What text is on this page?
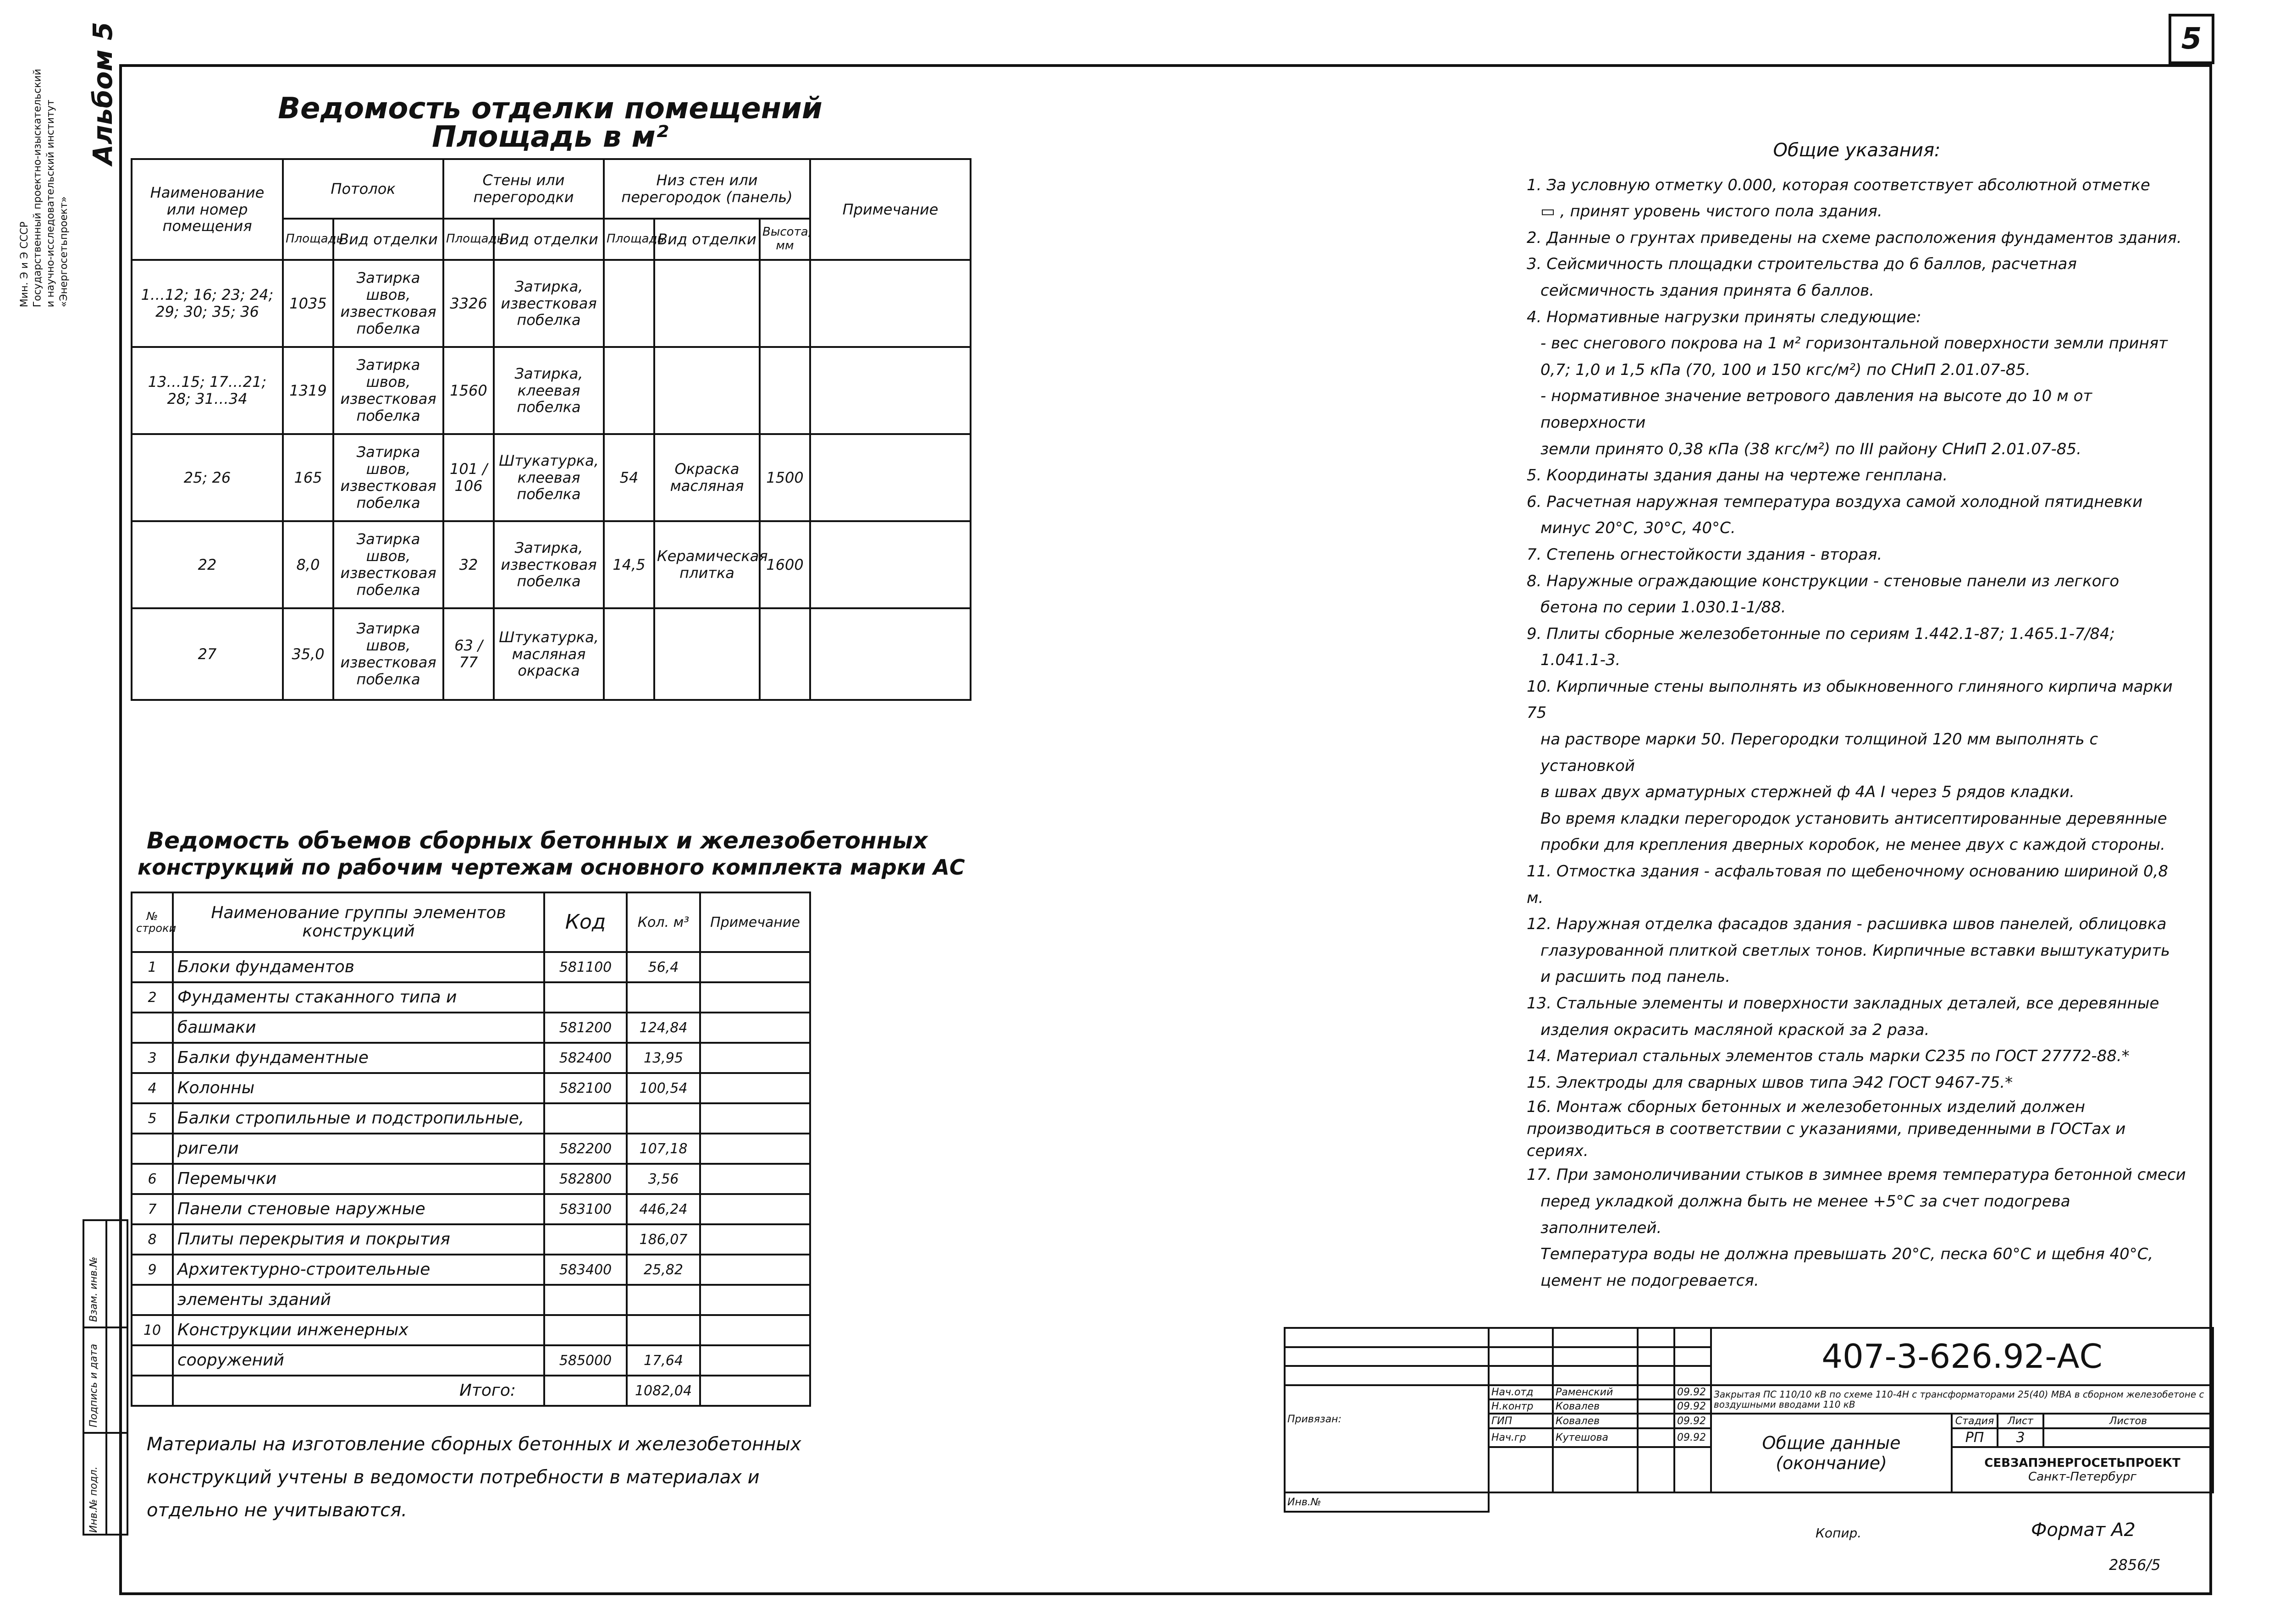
5
Мин. Э и Э СССР Государственный проектно-изыскательский и научно-исследовательский институт «Энергосетьпроект»
Альбом 5	Ведомость отделки помещений
Площадь в м²
Наименование или номер помещения	Потолок		Стены или перегородки		Низ стен или перегородок (панель)			Примечание
	Площадь	Вид отделки	Площадь	Вид отделки	Площадь	Вид отделки	Высота, мм	
1…12; 16; 23; 24; 29; 30; 35; 36	1035	Затирка швов, известковая побелка	3326	Затирка, известковая побелка				
13…15; 17…21; 28; 31…34	1319	Затирка швов, известковая побелка	1560	Затирка, клеевая побелка				
25; 26	165	Затирка швов, известковая побелка	101 / 106	Штукатурка, клеевая побелка	54	Окраска масляная	1500	
22	8,0	Затирка швов, известковая побелка	32	Затирка, известковая побелка	14,5	Керамическая плитка	1600	
27	35,0	Затирка швов, известковая побелка	63 / 77	Штукатурка, масляная окраска				
Ведомость объемов сборных бетонных и железобетонных
конструкций по рабочим чертежам основного комплекта марки АС
№ строки	Наименование группы элементов конструкций	Код	Кол. м³	Примечание
1	Блоки фундаментов	581100	56,4	
2	Фундаменты стаканного типа и			
	башмаки	581200	124,84	
3	Балки фундаментные	582400	13,95	
4	Колонны	582100	100,54	
5	Балки стропильные и подстропильные,			
	ригели	582200	107,18	
6	Перемычки	582800	3,56	
7	Панели стеновые наружные	583100	446,24	
8	Плиты перекрытия и покрытия		186,07	
9	Архитектурно-строительные	583400	25,82	
	элементы зданий			
10	Конструкции инженерных			
	сооружений	585000	17,64	
	Итого:		1082,04	
Материалы на изготовление сборных бетонных и железобетонных конструкций учтены в ведомости потребности в материалах и отдельно не учитываются.
Взам. инв.№
Подпись и дата
Инв.№ подл.
Общие указания:
1. За условную отметку 0.000, которая соответствует абсолютной отметке
▭ , принят уровень чистого пола здания.
2. Данные о грунтах приведены на схеме расположения фундаментов здания.
3. Сейсмичность площадки строительства до 6 баллов, расчетная
сейсмичность здания принята 6 баллов.
4. Нормативные нагрузки приняты следующие:
- вес снегового покрова на 1 м² горизонтальной поверхности земли принят
0,7; 1,0 и 1,5 кПа (70, 100 и 150 кгс/м²) по СНиП 2.01.07-85.
- нормативное значение ветрового давления на высоте до 10 м от поверхности
земли принято 0,38 кПа (38 кгс/м²) по III району СНиП 2.01.07-85.
5. Координаты здания даны на чертеже генплана.
6. Расчетная наружная температура воздуха самой холодной пятидневки
минус 20°С, 30°С, 40°С.
7. Степень огнестойкости здания - вторая.
8. Наружные ограждающие конструкции - стеновые панели из легкого
бетона по серии 1.030.1-1/88.
9. Плиты сборные железобетонные по сериям 1.442.1-87; 1.465.1-7/84;
1.041.1-3.
10. Кирпичные стены выполнять из обыкновенного глиняного кирпича марки 75
на растворе марки 50. Перегородки толщиной 120 мм выполнять с установкой
в швах двух арматурных стержней ф 4А I через 5 рядов кладки.
Во время кладки перегородок установить антисептированные деревянные
пробки для крепления дверных коробок, не менее двух с каждой стороны.
11. Отмостка здания - асфальтовая по щебеночному основанию шириной 0,8 м.
12. Наружная отделка фасадов здания - расшивка швов панелей, облицовка
глазурованной плиткой светлых тонов. Кирпичные вставки выштукатурить
и расшить под панель.
13. Стальные элементы и поверхности закладных деталей, все деревянные
изделия окрасить масляной краской за 2 раза.
14. Материал стальных элементов сталь марки С235 по ГОСТ 27772-88.*
15. Электроды для сварных швов типа Э42 ГОСТ 9467-75.*
16. Монтаж сборных бетонных и железобетонных изделий должен производиться в соответствии с указаниями, приведенными в ГОСТах и сериях.
17. При замоноличивании стыков в зимнее время температура бетонной смеси
перед укладкой должна быть не менее +5°С за счет подогрева заполнителей.
Температура воды не должна превышать 20°С, песка 60°С и щебня 40°С,
цемент не подогревается.
					407-3-626.92-АС			

	Нач.отд	Раменский		09.92	Закрытая ПС 110/10 кВ по схеме 110-4Н с трансформаторами 25(40) МВА в сборном железобетоне с воздушными вводами 110 кВ			
	Н.контр	Ковалев		09.92				
Привязан:	ГИП	Ковалев		09.92	Общие данные (окончание)	Стадия	Лист	Листов
	Нач.гр	Кутешова		09.92		РП	3	

						СЕВЗАПЭНЕРГОСЕТЬПРОЕКТ
Санкт-Петербург		

Инв.№								
Копир.	Формат А2
2856/5
